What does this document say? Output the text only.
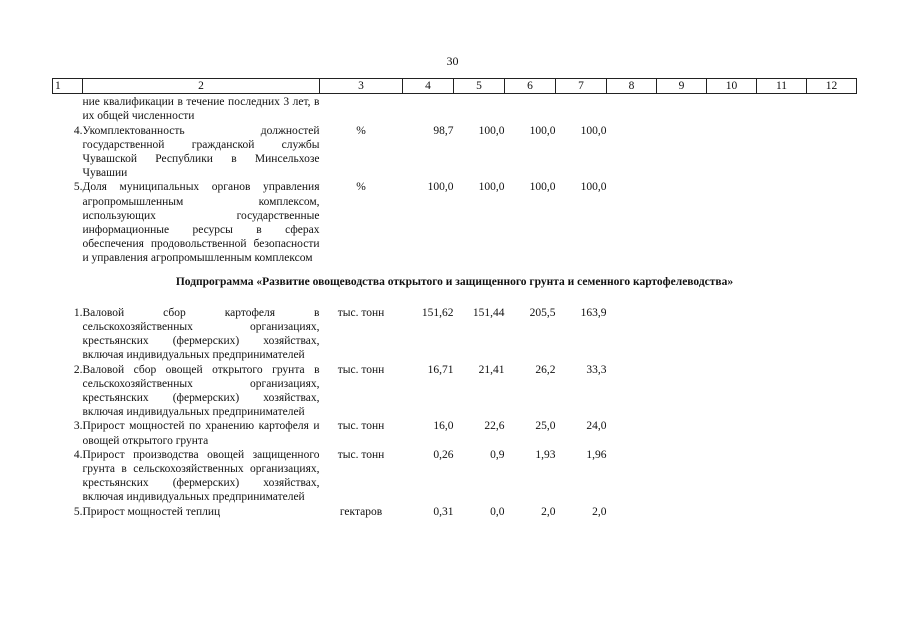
30
1	2	3	4	5	6	7	8	9	10	11	12
	ние квалификации в течение последних 3 лет, в их общей численности										
4.	Укомплектованность должностей государственной гражданской службы Чувашской Республики в Минсельхозе Чувашии	%	98,7	100,0	100,0	100,0					
5.	Доля муниципальных органов управления агропромышленным комплексом, использующих государственные информационные ресурсы в сферах обеспечения продовольственной безопасности и управления агропромышленным комплексом	%	100,0	100,0	100,0	100,0					
Подпрограмма «Развитие овощеводства открытого и защищенного грунта и семенного картофелеводства»											
1.	Валовой сбор картофеля в сельскохозяйственных организациях, крестьянских (фермерских) хозяйствах, включая индивидуальных предпринимателей	тыс. тонн	151,62	151,44	205,5	163,9					
2.	Валовой сбор овощей открытого грунта в сельскохозяйственных организациях, крестьянских (фермерских) хозяйствах, включая индивидуальных предпринимателей	тыс. тонн	16,71	21,41	26,2	33,3					
3.	Прирост мощностей по хранению картофеля и овощей открытого грунта	тыс. тонн	16,0	22,6	25,0	24,0					
4.	Прирост производства овощей защищенного грунта в сельскохозяйственных организациях, крестьянских (фермерских) хозяйствах, включая индивидуальных предпринимателей	тыс. тонн	0,26	0,9	1,93	1,96					
5.	Прирост мощностей теплиц	гектаров	0,31	0,0	2,0	2,0					
